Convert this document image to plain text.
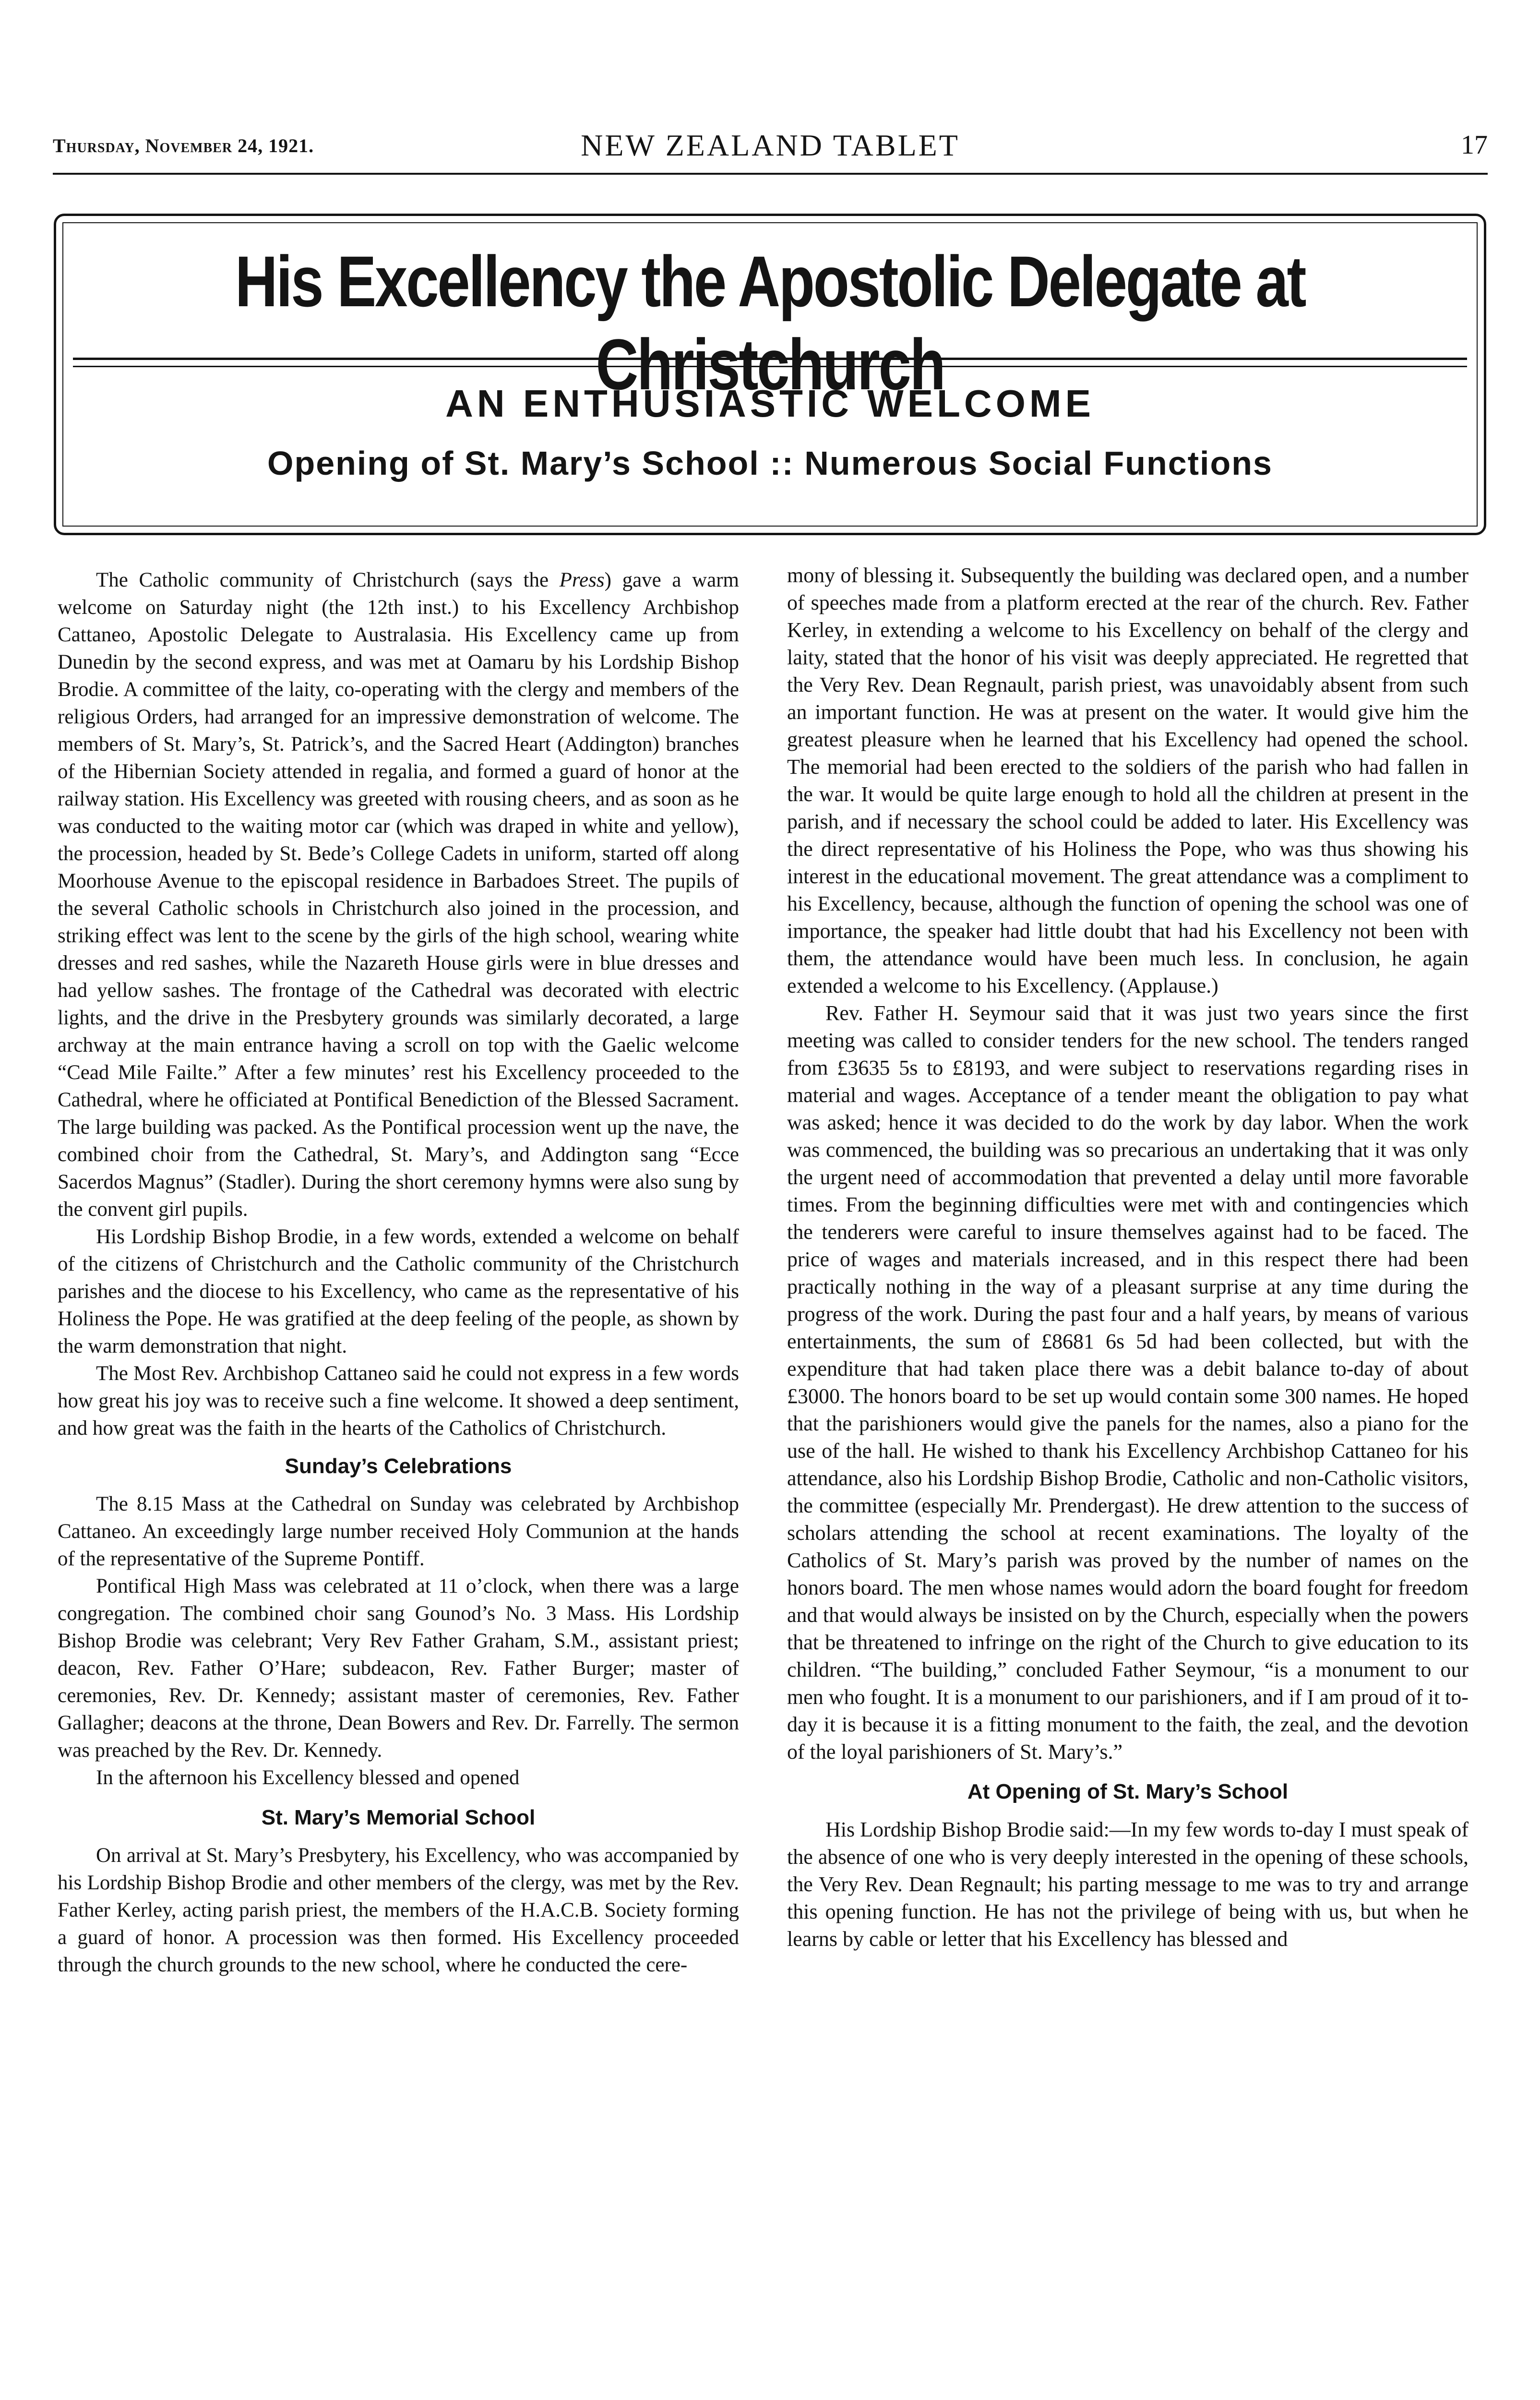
Thursday, November 24, 1921.	NEW ZEALAND TABLET	17
His Excellency the Apostolic Delegate at Christchurch
AN ENTHUSIASTIC WELCOME
Opening of St. Mary’s School :: Numerous Social Functions

The Catholic community of Christchurch (says the Press) gave a warm welcome on Saturday night (the 12th inst.) to his Excellency Archbishop Cattaneo, Apostolic Delegate to Australasia. His Excellency came up from Dunedin by the second express, and was met at Oamaru by his Lordship Bishop Brodie. A committee of the laity, co-operating with the clergy and members of the religious Orders, had arranged for an impressive demonstration of welcome. The members of St. Mary’s, St. Patrick’s, and the Sacred Heart (Addington) branches of the Hibernian Society attended in regalia, and formed a guard of honor at the railway station. His Excellency was greeted with rousing cheers, and as soon as he was conducted to the waiting motor car (which was draped in white and yellow), the procession, headed by St. Bede’s College Cadets in uniform, started off along Moorhouse Avenue to the episcopal residence in Barbadoes Street. The pupils of the several Catholic schools in Christchurch also joined in the procession, and striking effect was lent to the scene by the girls of the high school, wearing white dresses and red sashes, while the Nazareth House girls were in blue dresses and had yellow sashes. The frontage of the Cathedral was decorated with electric lights, and the drive in the Presbytery grounds was similarly decorated, a large archway at the main entrance having a scroll on top with the Gaelic welcome “Cead Mile Failte.” After a few minutes’ rest his Excellency proceeded to the Cathedral, where he officiated at Pontifical Benediction of the Blessed Sacrament. The large building was packed. As the Pontifical procession went up the nave, the combined choir from the Cathedral, St. Mary’s, and Addington sang “Ecce Sacerdos Magnus” (Stadler). During the short ceremony hymns were also sung by the convent girl pupils.

His Lordship Bishop Brodie, in a few words, extended a welcome on behalf of the citizens of Christchurch and the Catholic community of the Christchurch parishes and the diocese to his Excellency, who came as the representative of his Holiness the Pope. He was gratified at the deep feeling of the people, as shown by the warm demonstration that night.

The Most Rev. Archbishop Cattaneo said he could not express in a few words how great his joy was to receive such a fine welcome. It showed a deep sentiment, and how great was the faith in the hearts of the Catholics of Christchurch.

Sunday’s Celebrations

The 8.15 Mass at the Cathedral on Sunday was celebrated by Archbishop Cattaneo. An exceedingly large number received Holy Communion at the hands of the representative of the Supreme Pontiff.

Pontifical High Mass was celebrated at 11 o’clock, when there was a large congregation. The combined choir sang Gounod’s No. 3 Mass. His Lordship Bishop Brodie was celebrant; Very Rev Father Graham, S.M., assistant priest; deacon, Rev. Father O’Hare; subdeacon, Rev. Father Burger; master of ceremonies, Rev. Dr. Kennedy; assistant master of ceremonies, Rev. Father Gallagher; deacons at the throne, Dean Bowers and Rev. Dr. Farrelly. The sermon was preached by the Rev. Dr. Kennedy.

In the afternoon his Excellency blessed and opened

St. Mary’s Memorial School

On arrival at St. Mary’s Presbytery, his Excellency, who was accompanied by his Lordship Bishop Brodie and other members of the clergy, was met by the Rev. Father Kerley, acting parish priest, the members of the H.A.C.B. Society forming a guard of honor. A procession was then formed. His Excellency proceeded through the church grounds to the new school, where he conducted the cere-

mony of blessing it. Subsequently the building was declared open, and a number of speeches made from a platform erected at the rear of the church. Rev. Father Kerley, in extending a welcome to his Excellency on behalf of the clergy and laity, stated that the honor of his visit was deeply appreciated. He regretted that the Very Rev. Dean Regnault, parish priest, was unavoidably absent from such an important function. He was at present on the water. It would give him the greatest pleasure when he learned that his Excellency had opened the school. The memorial had been erected to the soldiers of the parish who had fallen in the war. It would be quite large enough to hold all the children at present in the parish, and if necessary the school could be added to later. His Excellency was the direct representative of his Holiness the Pope, who was thus showing his interest in the educational movement. The great attendance was a compliment to his Excellency, because, although the function of opening the school was one of importance, the speaker had little doubt that had his Excellency not been with them, the attendance would have been much less. In conclusion, he again extended a welcome to his Excellency. (Applause.)

Rev. Father H. Seymour said that it was just two years since the first meeting was called to consider tenders for the new school. The tenders ranged from £3635 5s to £8193, and were subject to reservations regarding rises in material and wages. Acceptance of a tender meant the obligation to pay what was asked; hence it was decided to do the work by day labor. When the work was commenced, the building was so precarious an undertaking that it was only the urgent need of accommodation that prevented a delay until more favorable times. From the beginning difficulties were met with and contingencies which the tenderers were careful to insure themselves against had to be faced. The price of wages and materials increased, and in this respect there had been practically nothing in the way of a pleasant surprise at any time during the progress of the work. During the past four and a half years, by means of various entertainments, the sum of £8681 6s 5d had been collected, but with the expenditure that had taken place there was a debit balance to-day of about £3000. The honors board to be set up would contain some 300 names. He hoped that the parishioners would give the panels for the names, also a piano for the use of the hall. He wished to thank his Excellency Archbishop Cattaneo for his attendance, also his Lordship Bishop Brodie, Catholic and non-Catholic visitors, the committee (especially Mr. Prendergast). He drew attention to the success of scholars attending the school at recent examinations. The loyalty of the Catholics of St. Mary’s parish was proved by the number of names on the honors board. The men whose names would adorn the board fought for freedom and that would always be insisted on by the Church, especially when the powers that be threatened to infringe on the right of the Church to give education to its children. “The building,” concluded Father Seymour, “is a monument to our men who fought. It is a monument to our parishioners, and if I am proud of it to-day it is because it is a fitting monument to the faith, the zeal, and the devotion of the loyal parishioners of St. Mary’s.”

At Opening of St. Mary’s School

His Lordship Bishop Brodie said:—In my few words to-day I must speak of the absence of one who is very deeply interested in the opening of these schools, the Very Rev. Dean Regnault; his parting message to me was to try and arrange this opening function. He has not the privilege of being with us, but when he learns by cable or letter that his Excellency has blessed and
